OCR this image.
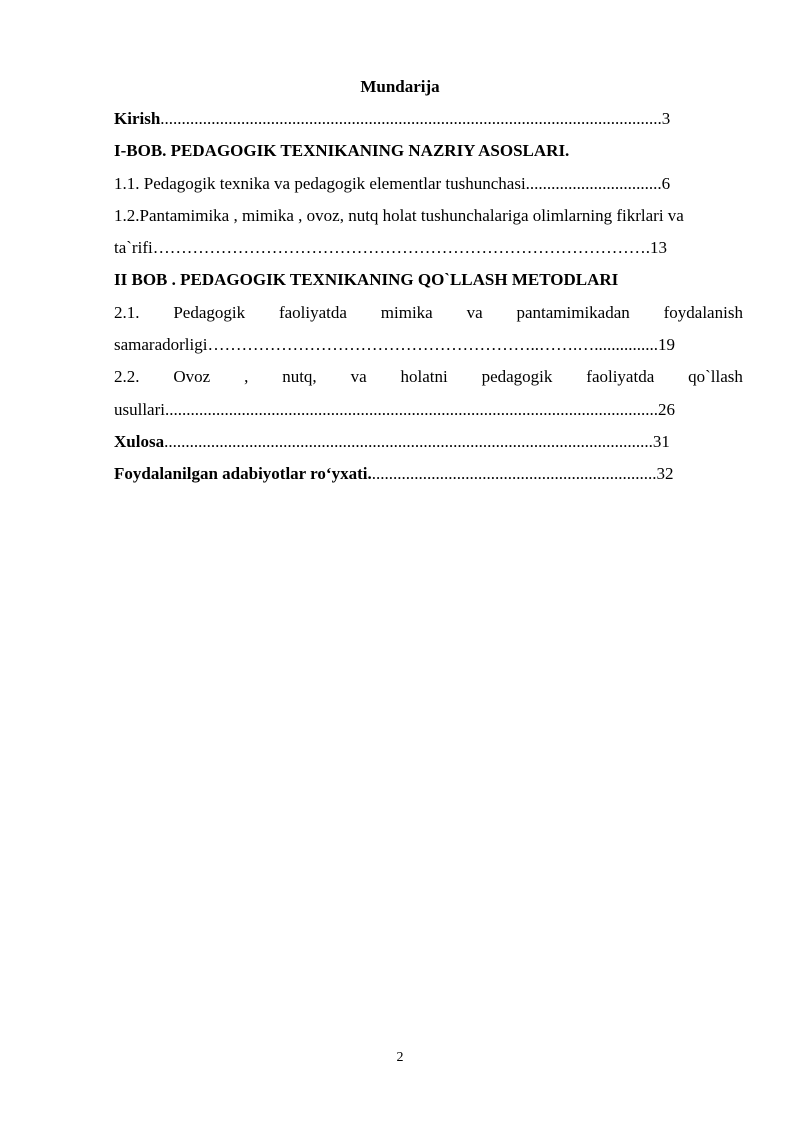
Mundarija
Kirish......................................................................................................................3
I-BOB. PEDAGOGIK TEXNIKANING NAZRIY ASOSLARI.
1.1. Pedagogik texnika va pedagogik elementlar tushunchasi................................6
1.2.Pantamimika , mimika , ovoz, nutq holat tushunchalariga olimlarning fikrlari va
ta`rifi…………………………………………………………………………….13
II BOB . PEDAGOGIK TEXNIKANING QO`LLASH METODLARI
2.1. Pedagogik faoliyatda mimika va pantamimikadan foydalanish
samaradorligi…………………………………………………..…….…...............19
2.2. Ovoz , nutq, va holatni pedagogik faoliyatda qo`llash
usullari....................................................................................................................26
Xulosa...................................................................................................................31
Foydalanilgan adabiyotlar ro‘yxati....................................................................32
2
